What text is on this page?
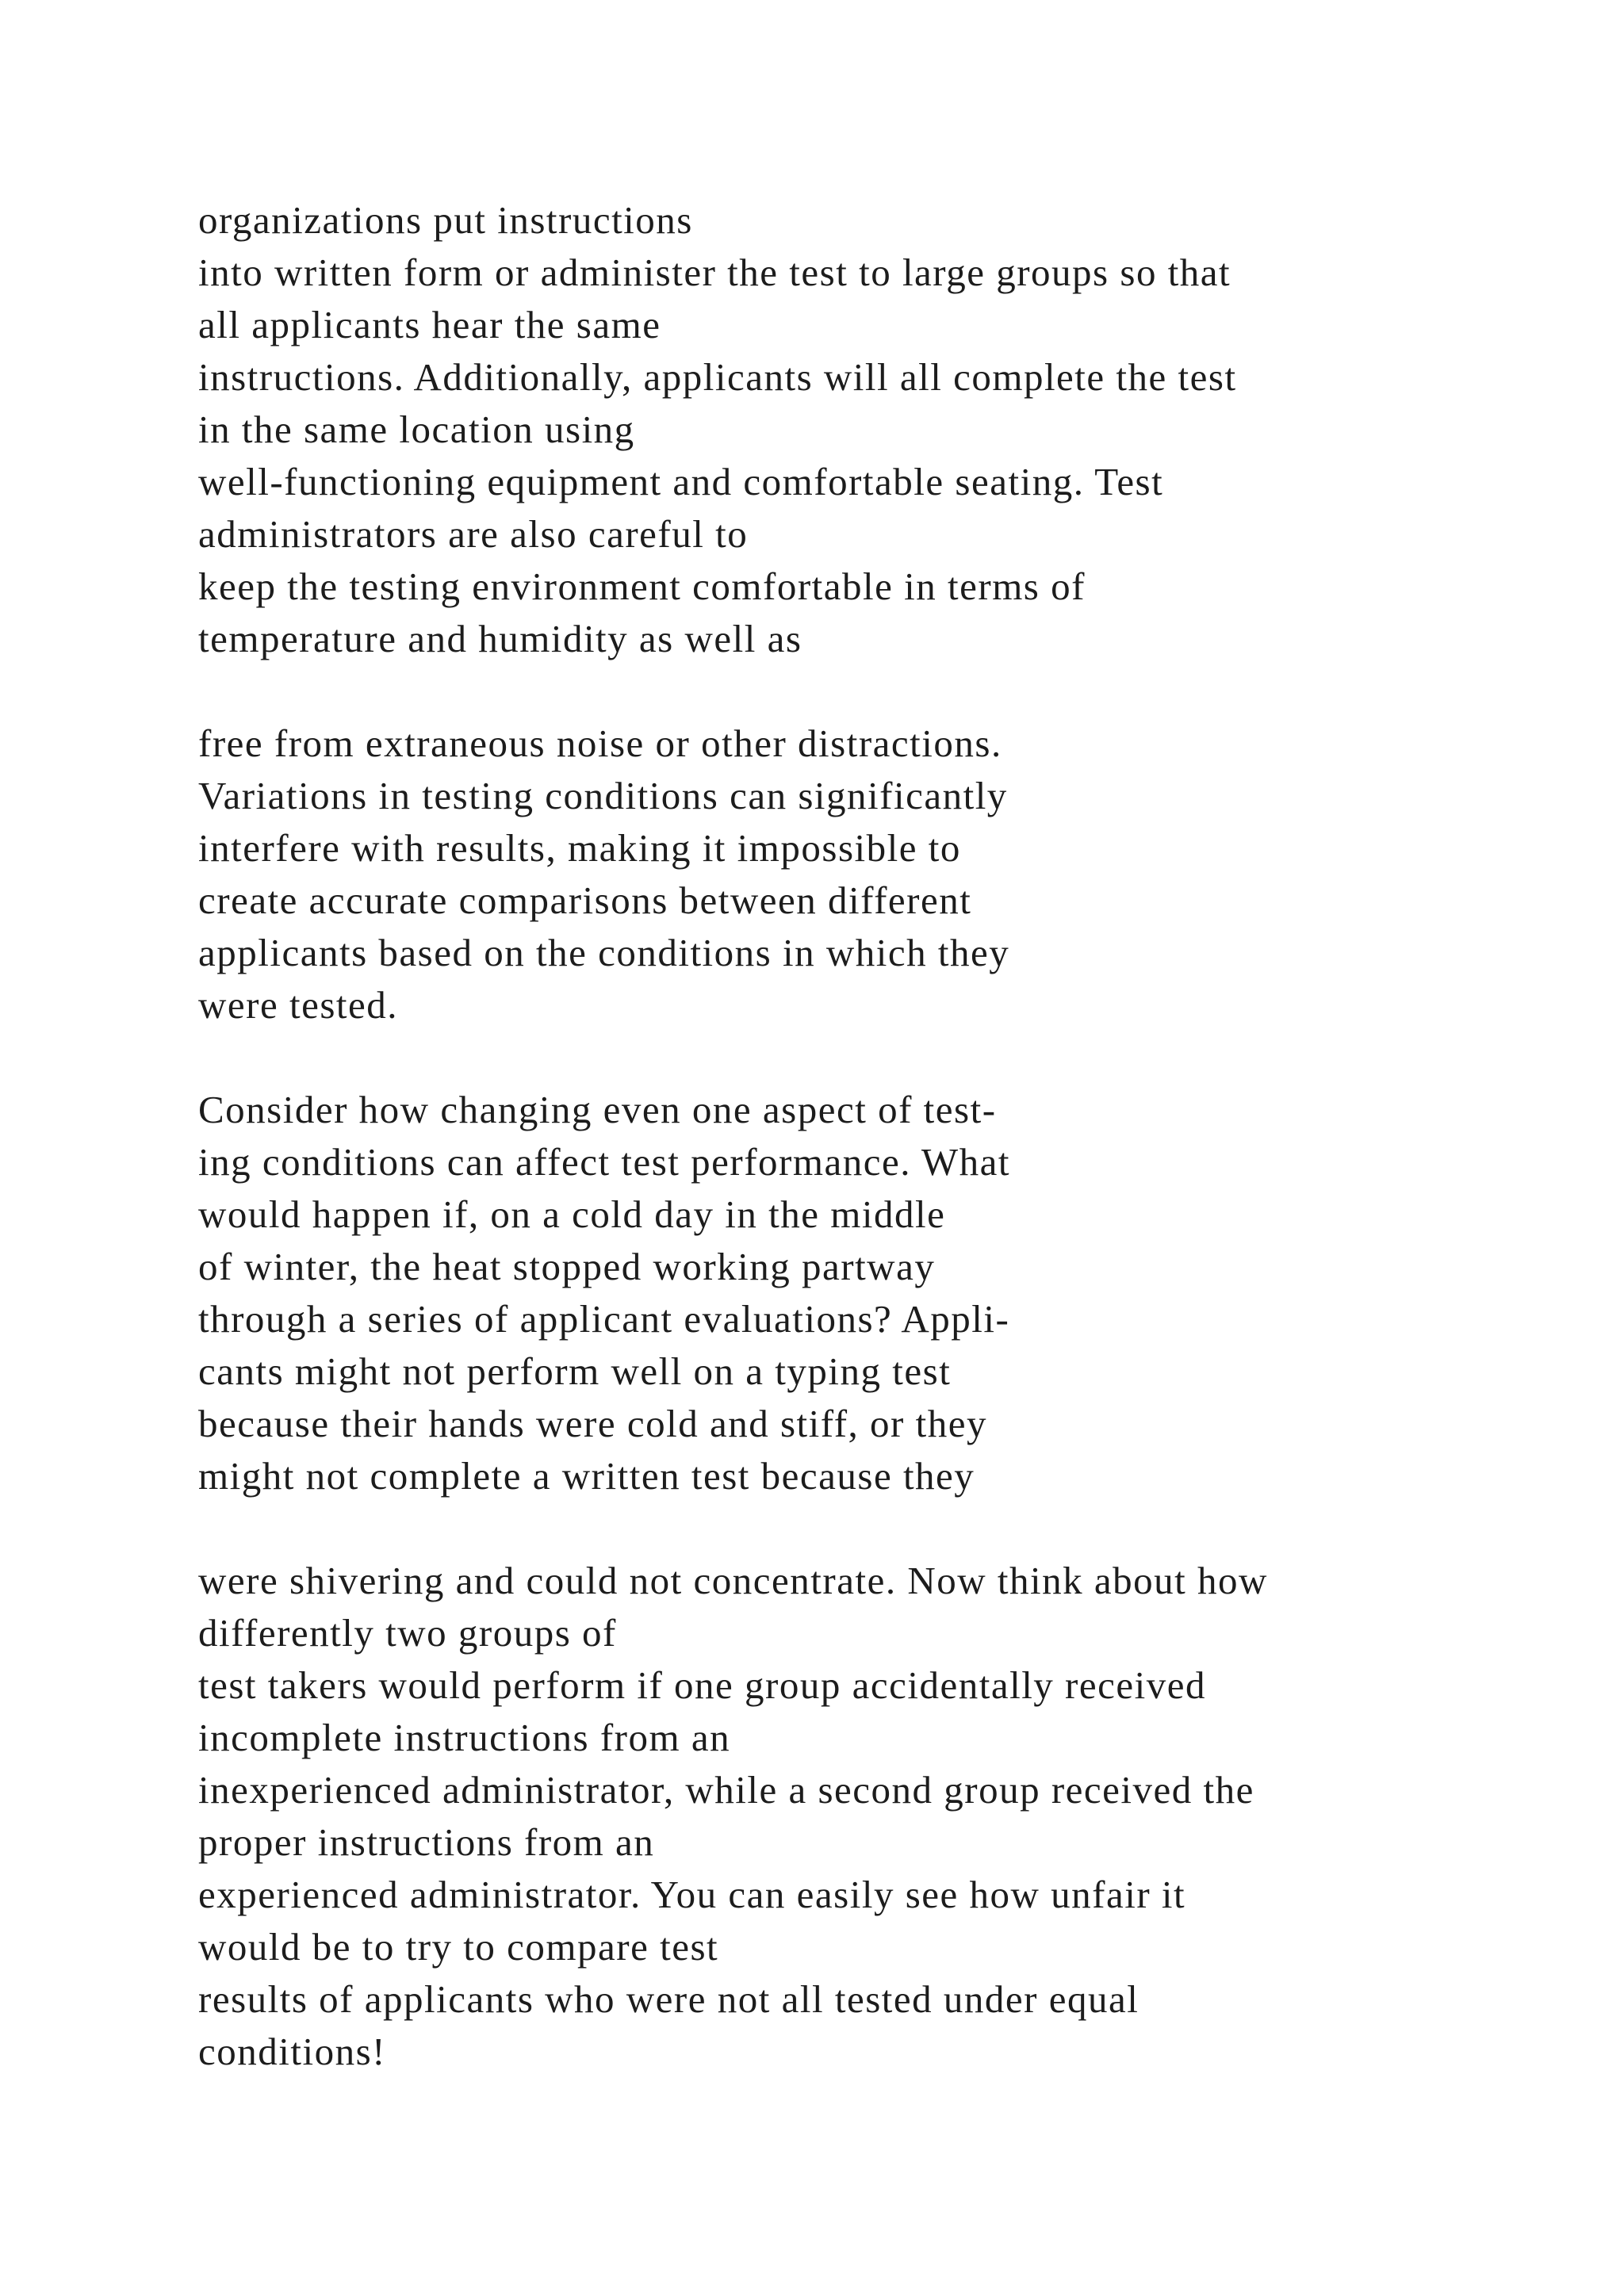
organizations put instructions
into written form or administer the test to large groups so that
all applicants hear the same
instructions. Additionally, applicants will all complete the test
in the same location using
well-functioning equipment and comfortable seating. Test
administrators are also careful to
keep the testing environment comfortable in terms of
temperature and humidity as well as
free from extraneous noise or other distractions.
Variations in testing conditions can significantly
interfere with results, making it impossible to
create accurate comparisons between different
applicants based on the conditions in which they
were tested.
Consider how changing even one aspect of test-
ing conditions can affect test performance. What
would happen if, on a cold day in the middle
of winter, the heat stopped working partway
through a series of applicant evaluations? Appli-
cants might not perform well on a typing test
because their hands were cold and stiff, or they
might not complete a written test because they
were shivering and could not concentrate. Now think about how
differently two groups of
test takers would perform if one group accidentally received
incomplete instructions from an
inexperienced administrator, while a second group received the
proper instructions from an
experienced administrator. You can easily see how unfair it
would be to try to compare test
results of applicants who were not all tested under equal
conditions!
